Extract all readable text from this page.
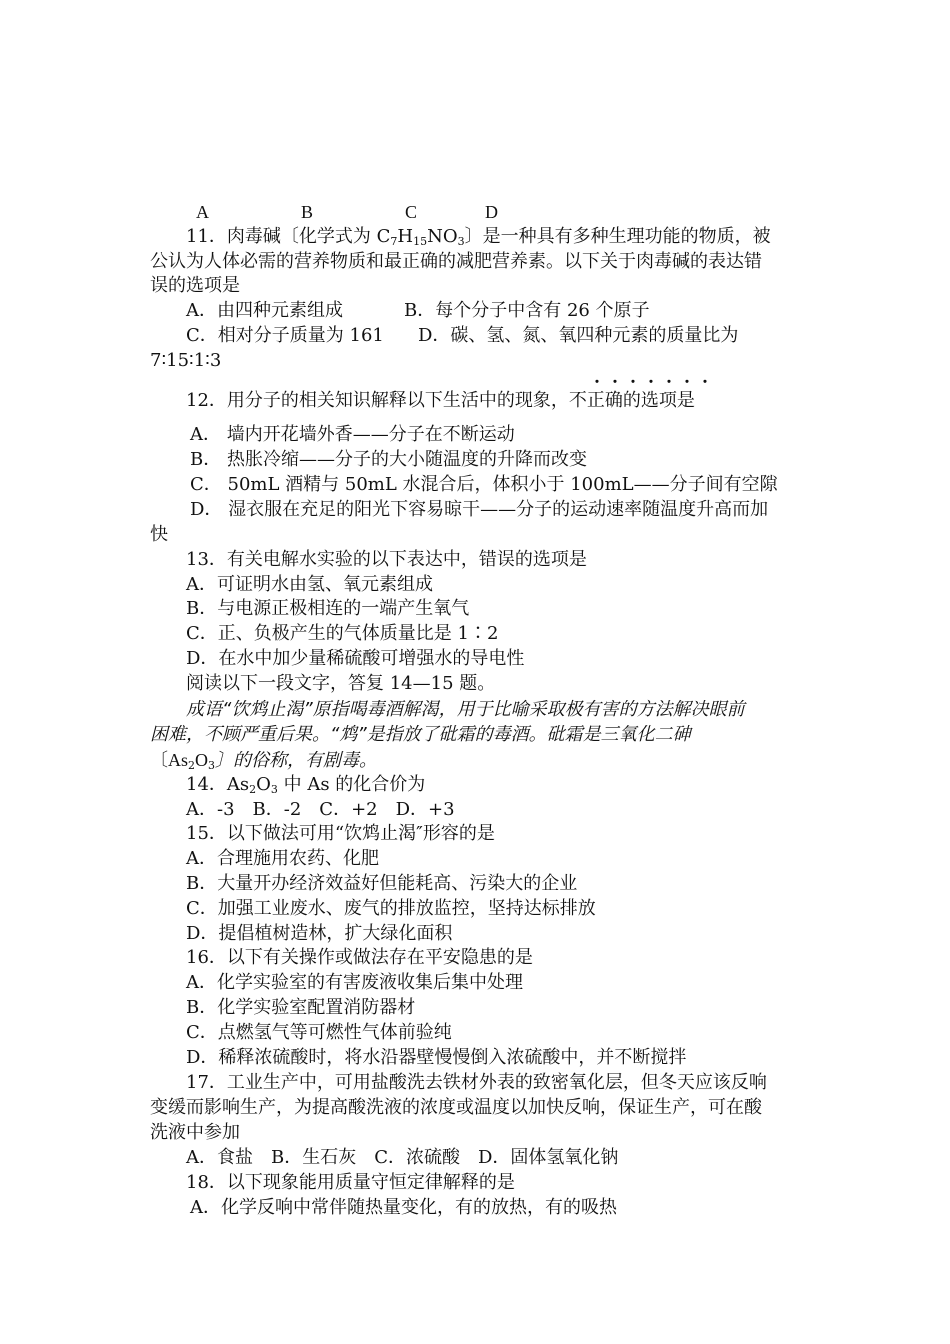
A	B	C	D
11．肉毒碱〔化学式为 $C_7H_{15}NO_3$〕是一种具有多种生理功能的物质，被
公认为人体必需的营养物质和最正确的减肥营养素。以下关于肉毒碱的表达错
误的选项是
A．由四种元素组成	B．每个分子中含有 26 个原子
C．相对分子质量为 161 D．碳、氢、氮、氧四种元素的质量比为
7∶15∶1∶3
・・・・・・・
12．用分子的相关知识解释以下生活中的现象，不正确的选项是
A． 墙内开花墙外香——分子在不断运动
B． 热胀冷缩——分子的大小随温度的升降而改变
C． 50mL 酒精与 50mL 水混合后，体积小于 100mL——分子间有空隙
D． 湿衣服在充足的阳光下容易晾干——分子的运动速率随温度升高而加
快
13．有关电解水实验的以下表达中，错误的选项是
A．可证明水由氢、氧元素组成
B．与电源正极相连的一端产生氧气
C．正、负极产生的气体质量比是 1∶2
D．在水中加少量稀硫酸可增强水的导电性
阅读以下一段文字，答复 14—15 题。
成语“饮鸩止渴”原指喝毒酒解渴，用于比喻采取极有害的方法解决眼前
困难，不顾严重后果。“鸩”是指放了砒霜的毒酒。砒霜是三氧化二砷
〔$As_2O_3$〕的俗称，有剧毒。
14．$As_2O_3$ 中 As 的化合价为
A．-3　B．-2　C．+2　D．+3
15．以下做法可用“饮鸩止渴″形容的是
A．合理施用农药、化肥
B．大量开办经济效益好但能耗高、污染大的企业
C．加强工业废水、废气的排放监控，坚持达标排放
D．提倡植树造林，扩大绿化面积
16．以下有关操作或做法存在平安隐患的是
A．化学实验室的有害废液收集后集中处理
B．化学实验室配置消防器材
C．点燃氢气等可燃性气体前验纯
D．稀释浓硫酸时，将水沿器壁慢慢倒入浓硫酸中，并不断搅拌
17．工业生产中，可用盐酸洗去铁材外表的致密氧化层，但冬天应该反响
变缓而影响生产，为提高酸洗液的浓度或温度以加快反响，保证生产，可在酸
洗液中参加
A．食盐　B．生石灰　C．浓硫酸　D．固体氢氧化钠
18．以下现象能用质量守恒定律解释的是
A．化学反响中常伴随热量变化，有的放热，有的吸热
